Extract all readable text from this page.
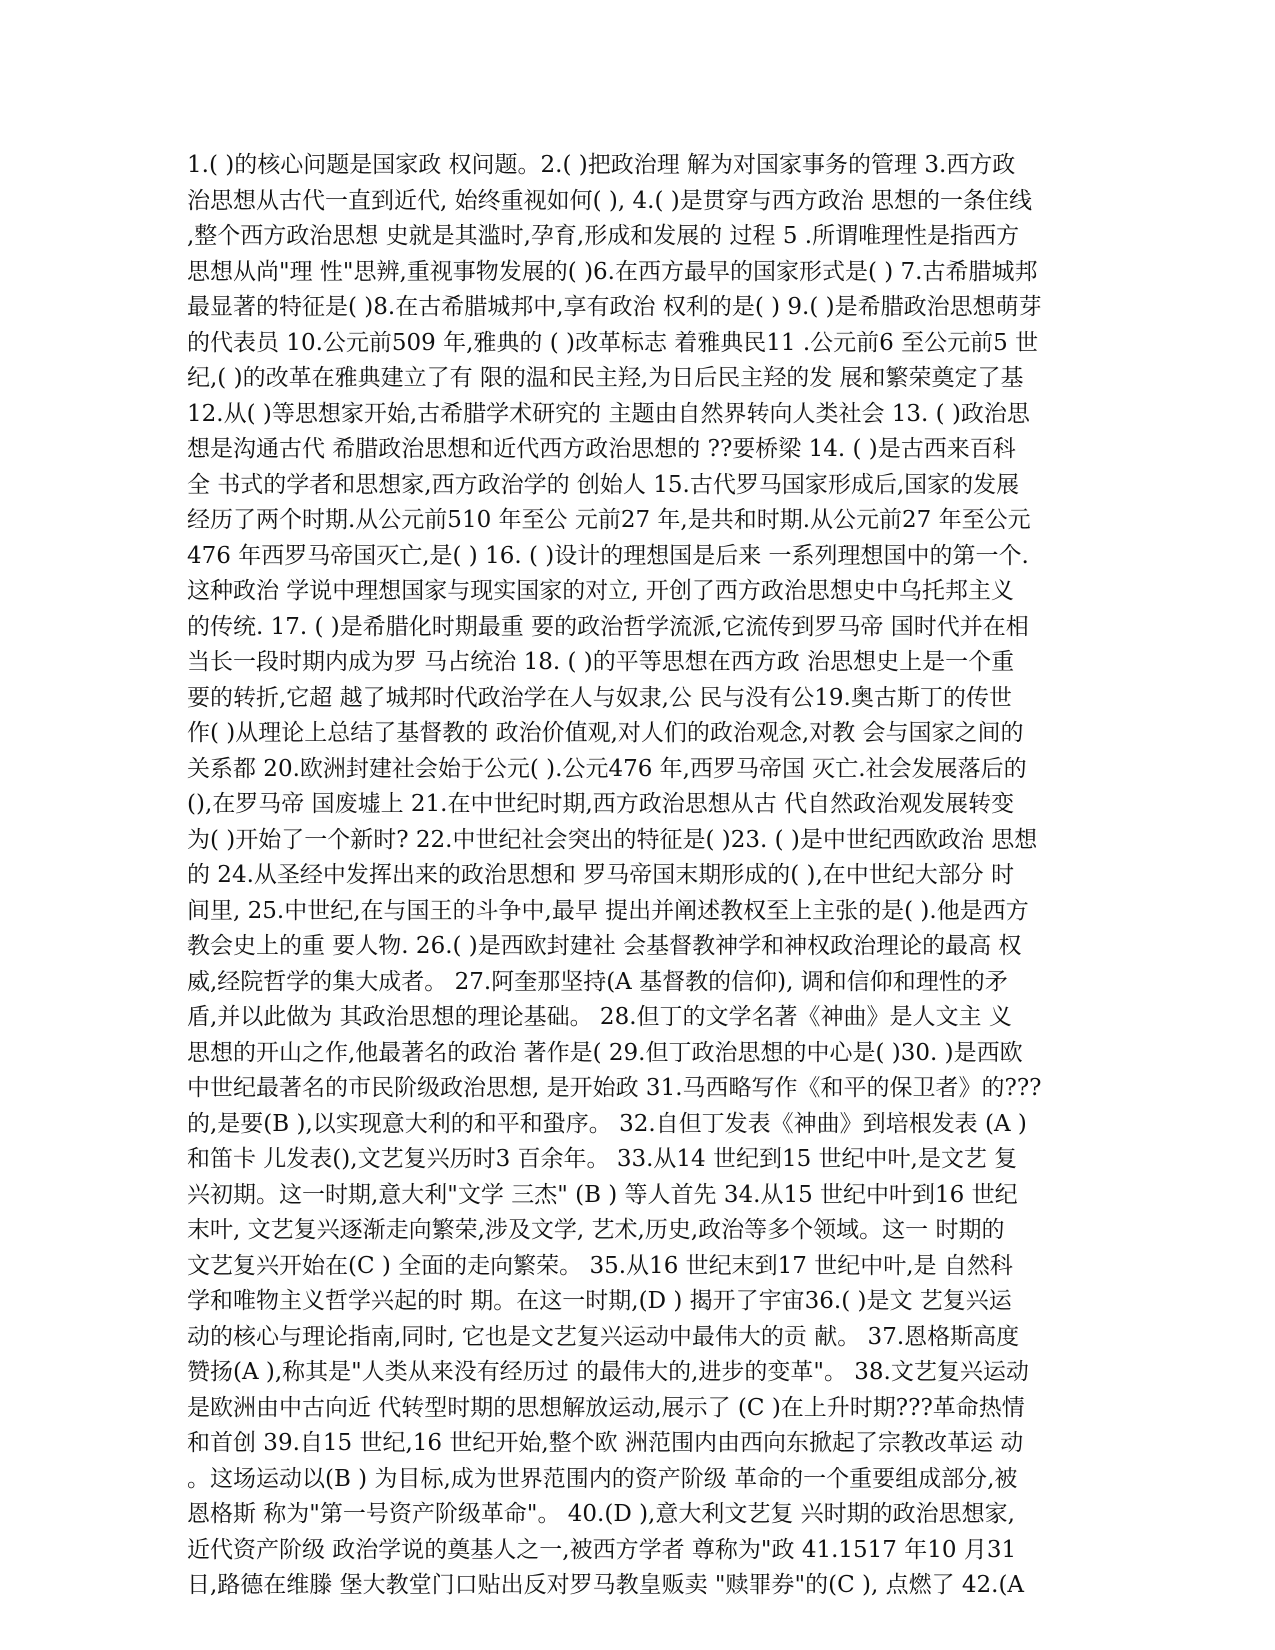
1.( )的核心问题是国家政 权问题。2.( )把政治理 解为对国家事务的管理 3.西方政
治思想从古代一直到近代, 始终重视如何( ), 4.( )是贯穿与西方政治 思想的一条住线
,整个西方政治思想 史就是其滥时,孕育,形成和发展的 过程 5 .所谓唯理性是指西方
思想从尚"理 性"思辨,重视事物发展的( )6.在西方最早的国家形式是( ) 7.古希腊城邦
最显著的特征是( )8.在古希腊城邦中,享有政治 权利的是( ) 9.( )是希腊政治思想萌芽
的代表员 10.公元前509 年,雅典的 ( )改革标志 着雅典民11 .公元前6 至公元前5 世
纪,( )的改革在雅典建立了有 限的温和民主羟,为日后民主羟的发 展和繁荣奠定了基
12.从( )等思想家开始,古希腊学术研究的 主题由自然界转向人类社会 13. ( )政治思
想是沟通古代 希腊政治思想和近代西方政治思想的 ??要桥梁 14. ( )是古西来百科
全 书式的学者和思想家,西方政治学的 创始人 15.古代罗马国家形成后,国家的发展
经历了两个时期.从公元前510 年至公 元前27 年,是共和时期.从公元前27 年至公元
476 年西罗马帝国灭亡,是( ) 16. ( )设计的理想国是后来 一系列理想国中的第一个.
这种政治 学说中理想国家与现实国家的对立, 开创了西方政治思想史中乌托邦主义
的传统. 17. ( )是希腊化时期最重 要的政治哲学流派,它流传到罗马帝 国时代并在相
当长一段时期内成为罗 马占统治 18. ( )的平等思想在西方政 治思想史上是一个重
要的转折,它超 越了城邦时代政治学在人与奴隶,公 民与没有公19.奥古斯丁的传世
作( )从理论上总结了基督教的 政治价值观,对人们的政治观念,对教 会与国家之间的
关系都 20.欧洲封建社会始于公元( ).公元476 年,西罗马帝国 灭亡.社会发展落后的
(),在罗马帝 国废墟上 21.在中世纪时期,西方政治思想从古 代自然政治观发展转变
为( )开始了一个新时? 22.中世纪社会突出的特征是( )23. ( )是中世纪西欧政治 思想
的 24.从圣经中发挥出来的政治思想和 罗马帝国末期形成的( ),在中世纪大部分 时
间里, 25.中世纪,在与国王的斗争中,最早 提出并阐述教权至上主张的是( ).他是西方
教会史上的重 要人物. 26.( )是西欧封建社 会基督教神学和神权政治理论的最高 权
威,经院哲学的集大成者。 27.阿奎那坚持(A 基督教的信仰), 调和信仰和理性的矛
盾,并以此做为 其政治思想的理论基础。 28.但丁的文学名著《神曲》是人文主 义
思想的开山之作,他最著名的政治 著作是( 29.但丁政治思想的中心是( )30. )是西欧
中世纪最著名的市民阶级政治思想, 是开始政 31.马西略写作《和平的保卫者》的???
的,是要(B ),以实现意大利的和平和蛩序。 32.自但丁发表《神曲》到培根发表 (A )
和笛卡 儿发表(),文艺复兴历时3 百余年。 33.从14 世纪到15 世纪中叶,是文艺 复
兴初期。这一时期,意大利"文学 三杰" (B ) 等人首先 34.从15 世纪中叶到16 世纪
末叶, 文艺复兴逐渐走向繁荣,涉及文学, 艺术,历史,政治等多个领域。这一 时期的
文艺复兴开始在(C ) 全面的走向繁荣。 35.从16 世纪末到17 世纪中叶,是 自然科
学和唯物主义哲学兴起的时 期。在这一时期,(D ) 揭开了宇宙36.( )是文 艺复兴运
动的核心与理论指南,同时, 它也是文艺复兴运动中最伟大的贡 献。 37.恩格斯高度
赞扬(A ),称其是"人类从来没有经历过 的最伟大的,进步的变革"。 38.文艺复兴运动
是欧洲由中古向近 代转型时期的思想解放运动,展示了 (C )在上升时期???革命热情
和首创 39.自15 世纪,16 世纪开始,整个欧 洲范围内由西向东掀起了宗教改革运 动
。这场运动以(B ) 为目标,成为世界范围内的资产阶级 革命的一个重要组成部分,被
恩格斯 称为"第一号资产阶级革命"。 40.(D ),意大利文艺复 兴时期的政治思想家,
近代资产阶级 政治学说的奠基人之一,被西方学者 尊称为"政 41.1517 年10 月31
日,路德在维滕 堡大教堂门口贴出反对罗马教皇贩卖 "赎罪券"的(C ), 点燃了 42.(A
